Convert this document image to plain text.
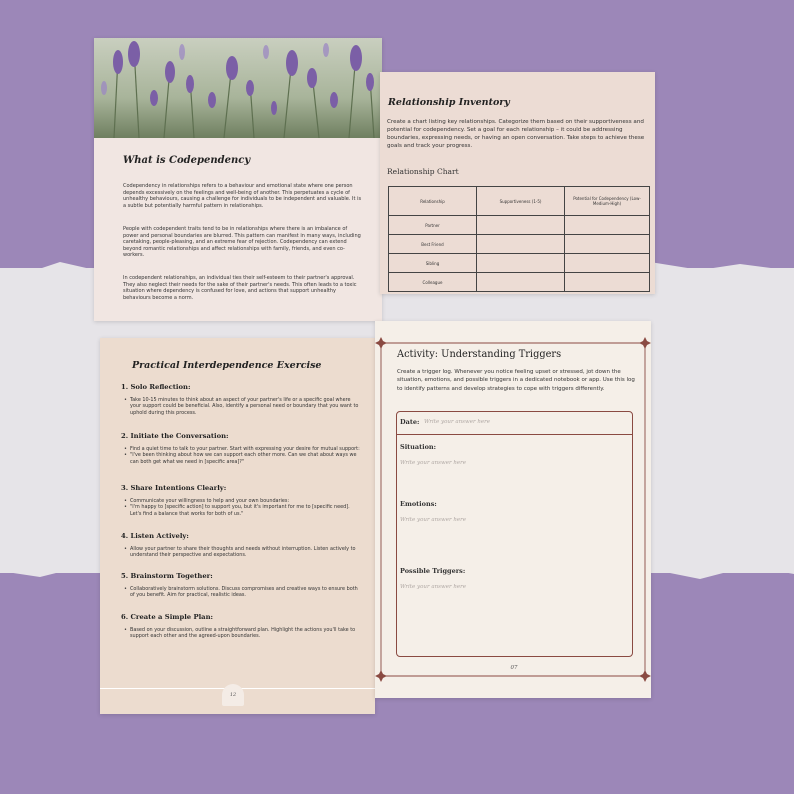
What is Codependency

Codependency in relationships refers to a behaviour and emotional state where one person depends excessively on the feelings and well-being of another. This perpetuates a cycle of unhealthy behaviours, causing a challenge for individuals to be independent and valuable. It is a subtle but potentially harmful pattern in relationships.

People with codependent traits tend to be in relationships where there is an imbalance of power and personal boundaries are blurred. This pattern can manifest in many ways, including caretaking, people-pleasing, and an extreme fear of rejection. Codependency can extend beyond romantic relationships and affect relationships with family, friends, and even co-workers.

In codependent relationships, an individual ties their self-esteem to their partner's approval. They also neglect their needs for the sake of their partner's needs. This often leads to a toxic situation where dependency is confused for love, and actions that support unhealthy behaviours become a norm.

Relationship Inventory

Create a chart listing key relationships. Categorize them based on their supportiveness and potential for codependency. Set a goal for each relationship – it could be addressing boundaries, expressing needs, or having an open conversation. Take steps to achieve these goals and track your progress.

Relationship Chart
Relationship	Supportiveness (1-5)	Potential for Codependency (Low-Medium-High)
Partner		
Best Friend		
Sibling		
Colleague		
Practical Interdependence Exercise
1. Solo Reflection:
• Take 10-15 minutes to think about an aspect of your partner's life or a specific goal where your support could be beneficial. Also, identify a personal need or boundary that you want to uphold during this process.
2. Initiate the Conversation:
• Find a quiet time to talk to your partner. Start with expressing your desire for mutual support:
• "I've been thinking about how we can support each other more. Can we chat about ways we can both get what we need in [specific area]?"
3. Share Intentions Clearly:
• Communicate your willingness to help and your own boundaries:
• "I'm happy to [specific action] to support you, but it's important for me to [specific need]. Let's find a balance that works for both of us."
4. Listen Actively:
• Allow your partner to share their thoughts and needs without interruption. Listen actively to understand their perspective and expectations.
5. Brainstorm Together:
• Collaboratively brainstorm solutions. Discuss compromises and creative ways to ensure both of you benefit. Aim for practical, realistic ideas.
6. Create a Simple Plan:
• Based on your discussion, outline a straightforward plan. Highlight the actions you'll take to support each other and the agreed-upon boundaries.
12
Activity: Understanding Triggers

Create a trigger log. Whenever you notice feeling upset or stressed, jot down the situation, emotions, and possible triggers in a dedicated notebook or app. Use this log to identify patterns and develop strategies to cope with triggers differently.

Date: Write your answer here
Situation:
Write your answer here
Emotions:
Write your answer here
Possible Triggers:
Write your answer here
07
